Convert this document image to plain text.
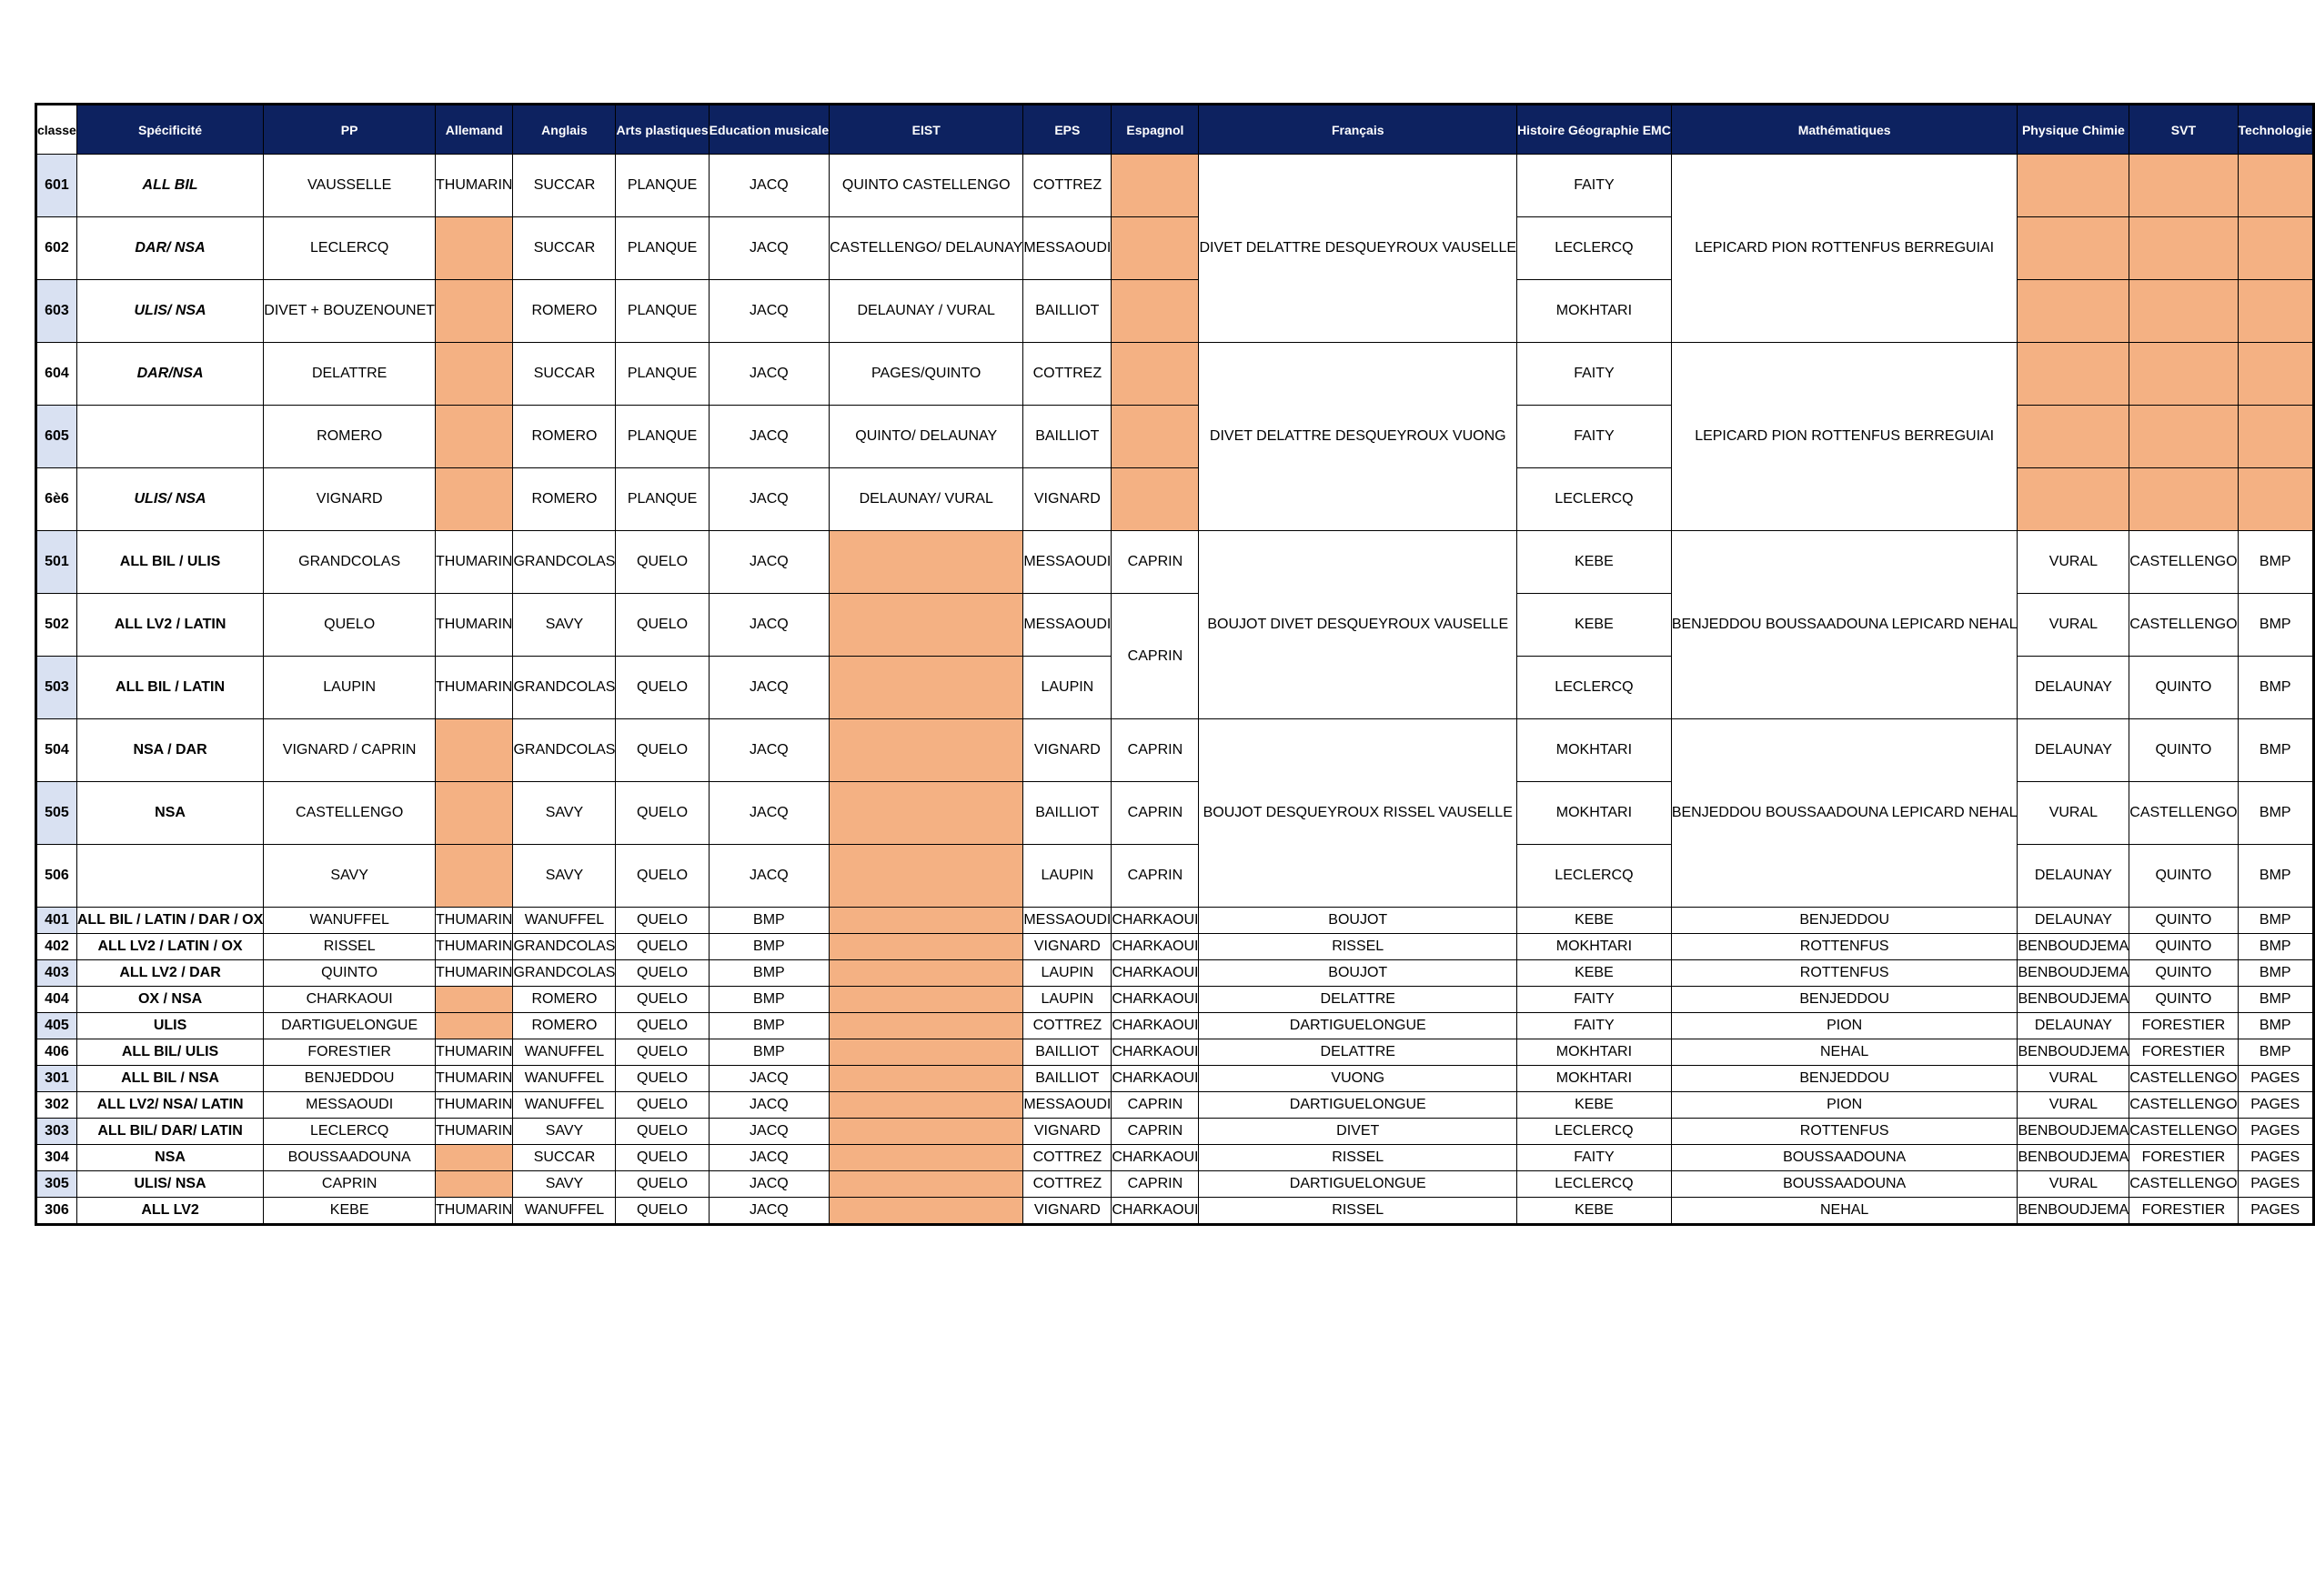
classe	Spécificité	PP	Allemand	Anglais	Arts plastiques	Education musicale	EIST	EPS	Espagnol	Français	Histoire Géographie EMC	Mathématiques	Physique Chimie	SVT	Technologie
601	ALL BIL	VAUSSELLE	THUMARIN	SUCCAR	PLANQUE	JACQ	QUINTO CASTELLENGO	COTTREZ		DIVET DELATTRE DESQUEYROUX VAUSELLE	FAITY	LEPICARD PION ROTTENFUS BERREGUIAI			
602	DAR/ NSA	LECLERCQ		SUCCAR	PLANQUE	JACQ	CASTELLENGO/ DELAUNAY	MESSAOUDI			LECLERCQ				
603	ULIS/ NSA	DIVET + BOUZENOUNET		ROMERO	PLANQUE	JACQ	DELAUNAY / VURAL	BAILLIOT			MOKHTARI				
604	DAR/NSA	DELATTRE		SUCCAR	PLANQUE	JACQ	PAGES/QUINTO	COTTREZ		DIVET DELATTRE DESQUEYROUX VUONG	FAITY	LEPICARD PION ROTTENFUS BERREGUIAI			
605		ROMERO		ROMERO	PLANQUE	JACQ	QUINTO/ DELAUNAY	BAILLIOT			FAITY				
6è6	ULIS/ NSA	VIGNARD		ROMERO	PLANQUE	JACQ	DELAUNAY/ VURAL	VIGNARD			LECLERCQ				
501	ALL BIL / ULIS	GRANDCOLAS	THUMARIN	GRANDCOLAS	QUELO	JACQ		MESSAOUDI	CAPRIN	BOUJOT DIVET DESQUEYROUX VAUSELLE	KEBE	BENJEDDOU BOUSSAADOUNA LEPICARD NEHAL	VURAL	CASTELLENGO	BMP
502	ALL LV2 / LATIN	QUELO	THUMARIN	SAVY	QUELO	JACQ		MESSAOUDI	CAPRIN		KEBE		VURAL	CASTELLENGO	BMP
503	ALL BIL / LATIN	LAUPIN	THUMARIN	GRANDCOLAS	QUELO	JACQ		LAUPIN			LECLERCQ		DELAUNAY	QUINTO	BMP
504	NSA / DAR	VIGNARD / CAPRIN		GRANDCOLAS	QUELO	JACQ		VIGNARD	CAPRIN	BOUJOT DESQUEYROUX RISSEL VAUSELLE	MOKHTARI	BENJEDDOU BOUSSAADOUNA LEPICARD NEHAL	DELAUNAY	QUINTO	BMP
505	NSA	CASTELLENGO		SAVY	QUELO	JACQ		BAILLIOT	CAPRIN		MOKHTARI		VURAL	CASTELLENGO	BMP
506		SAVY		SAVY	QUELO	JACQ		LAUPIN	CAPRIN		LECLERCQ		DELAUNAY	QUINTO	BMP
401	ALL BIL / LATIN / DAR / OX	WANUFFEL	THUMARIN	WANUFFEL	QUELO	BMP		MESSAOUDI	CHARKAOUI	BOUJOT	KEBE	BENJEDDOU	DELAUNAY	QUINTO	BMP
402	ALL LV2 / LATIN / OX	RISSEL	THUMARIN	GRANDCOLAS	QUELO	BMP		VIGNARD	CHARKAOUI	RISSEL	MOKHTARI	ROTTENFUS	BENBOUDJEMA	QUINTO	BMP
403	ALL LV2 / DAR	QUINTO	THUMARIN	GRANDCOLAS	QUELO	BMP		LAUPIN	CHARKAOUI	BOUJOT	KEBE	ROTTENFUS	BENBOUDJEMA	QUINTO	BMP
404	OX / NSA	CHARKAOUI		ROMERO	QUELO	BMP		LAUPIN	CHARKAOUI	DELATTRE	FAITY	BENJEDDOU	BENBOUDJEMA	QUINTO	BMP
405	ULIS	DARTIGUELONGUE		ROMERO	QUELO	BMP		COTTREZ	CHARKAOUI	DARTIGUELONGUE	FAITY	PION	DELAUNAY	FORESTIER	BMP
406	ALL BIL/ ULIS	FORESTIER	THUMARIN	WANUFFEL	QUELO	BMP		BAILLIOT	CHARKAOUI	DELATTRE	MOKHTARI	NEHAL	BENBOUDJEMA	FORESTIER	BMP
301	ALL BIL / NSA	BENJEDDOU	THUMARIN	WANUFFEL	QUELO	JACQ		BAILLIOT	CHARKAOUI	VUONG	MOKHTARI	BENJEDDOU	VURAL	CASTELLENGO	PAGES
302	ALL LV2/ NSA/ LATIN	MESSAOUDI	THUMARIN	WANUFFEL	QUELO	JACQ		MESSAOUDI	CAPRIN	DARTIGUELONGUE	KEBE	PION	VURAL	CASTELLENGO	PAGES
303	ALL BIL/ DAR/ LATIN	LECLERCQ	THUMARIN	SAVY	QUELO	JACQ		VIGNARD	CAPRIN	DIVET	LECLERCQ	ROTTENFUS	BENBOUDJEMA	CASTELLENGO	PAGES
304	NSA	BOUSSAADOUNA		SUCCAR	QUELO	JACQ		COTTREZ	CHARKAOUI	RISSEL	FAITY	BOUSSAADOUNA	BENBOUDJEMA	FORESTIER	PAGES
305	ULIS/ NSA	CAPRIN		SAVY	QUELO	JACQ		COTTREZ	CAPRIN	DARTIGUELONGUE	LECLERCQ	BOUSSAADOUNA	VURAL	CASTELLENGO	PAGES
306	ALL LV2	KEBE	THUMARIN	WANUFFEL	QUELO	JACQ		VIGNARD	CHARKAOUI	RISSEL	KEBE	NEHAL	BENBOUDJEMA	FORESTIER	PAGES
